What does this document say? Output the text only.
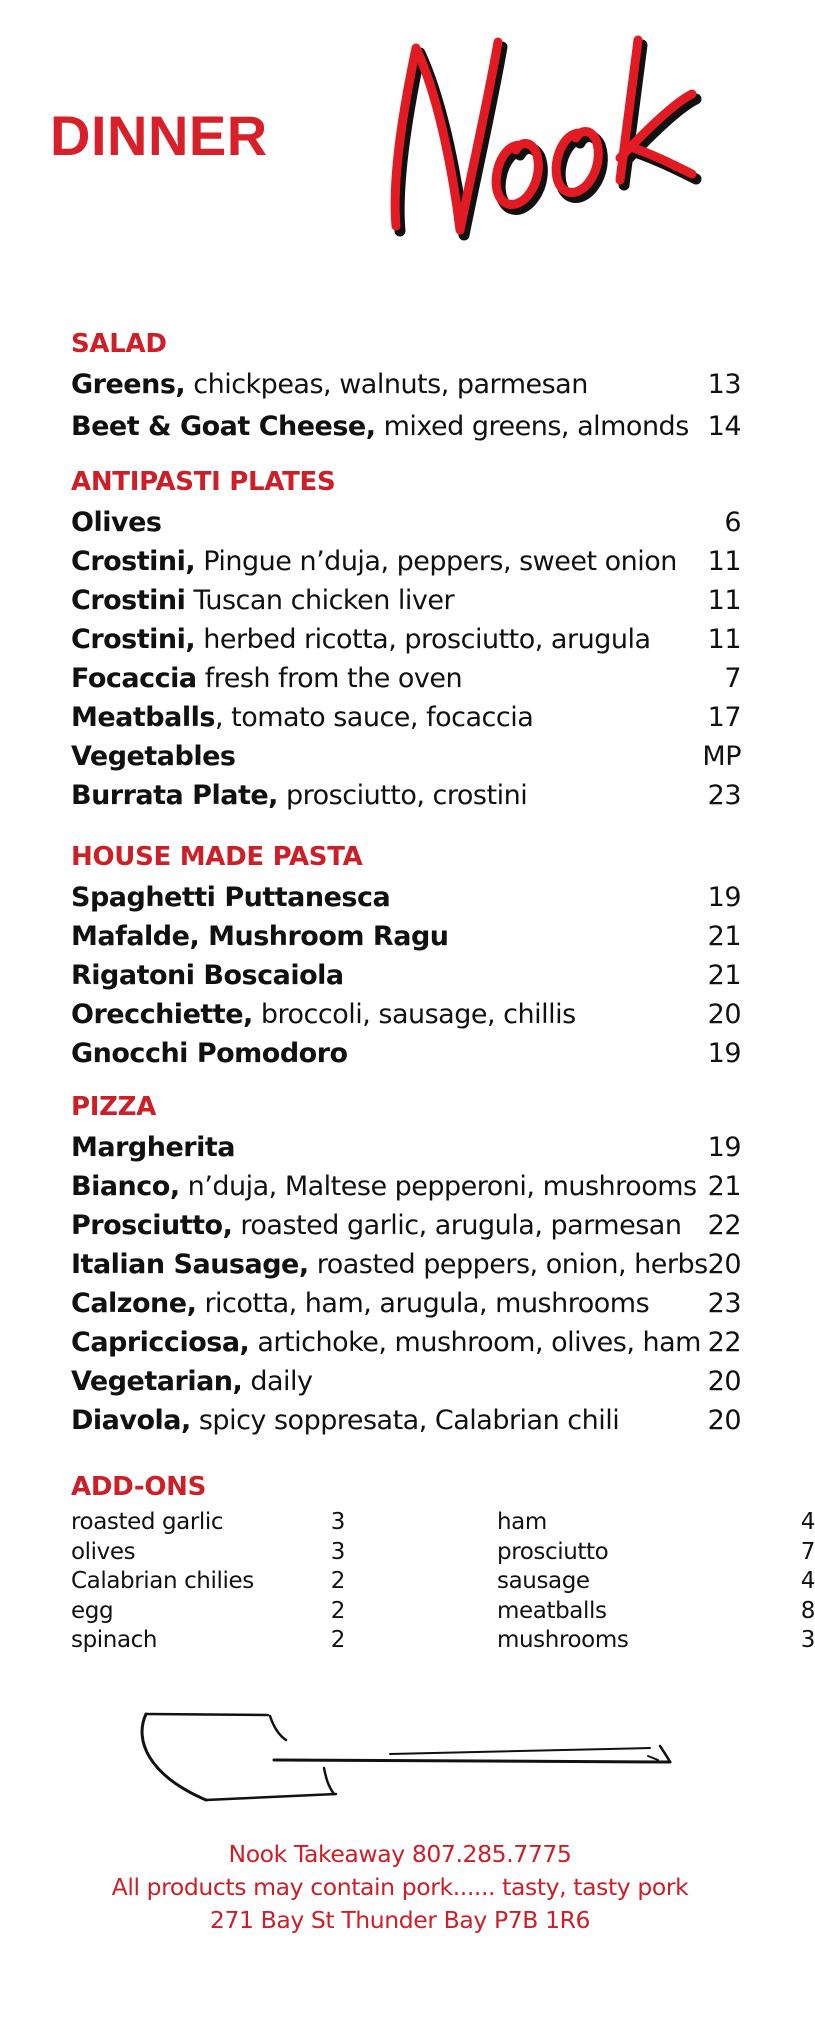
DINNER
SALAD
Greens, chickpeas, walnuts, parmesan	13
Beet & Goat Cheese, mixed greens, almonds 14
ANTIPASTI PLATES
Olives	6
Crostini, Pingue n’duja, peppers, sweet onion 11
Crostini Tuscan chicken liver	11
Crostini, herbed ricotta, prosciutto, arugula 11
Focaccia fresh from the oven	7
Meatballs, tomato sauce, focaccia	17
Vegetables	MP
Burrata Plate, prosciutto, crostini	23
HOUSE MADE PASTA
Spaghetti Puttanesca	19
Mafalde, Mushroom Ragu	21
Rigatoni Boscaiola	21
Orecchiette, broccoli, sausage, chillis	20
Gnocchi Pomodoro	19
PIZZA
Margherita	19
Bianco, n’duja, Maltese pepperoni, mushrooms 21
Prosciutto, roasted garlic, arugula, parmesan 22
Italian Sausage, roasted peppers, onion, herbs 20
Calzone, ricotta, ham, arugula, mushrooms 23
Capricciosa, artichoke, mushroom, olives, ham 22
Vegetarian, daily	20
Diavola, spicy soppresata, Calabrian chili	20
ADD-ONS
roasted garlic	3
olives	3
Calabrian chilies	2
egg	2
spinach	2
ham	4
prosciutto	7
sausage	4
meatballs	8
mushrooms	3
Nook Takeaway 807.285.7775
All products may contain pork...... tasty, tasty pork
271 Bay St Thunder Bay P7B 1R6
